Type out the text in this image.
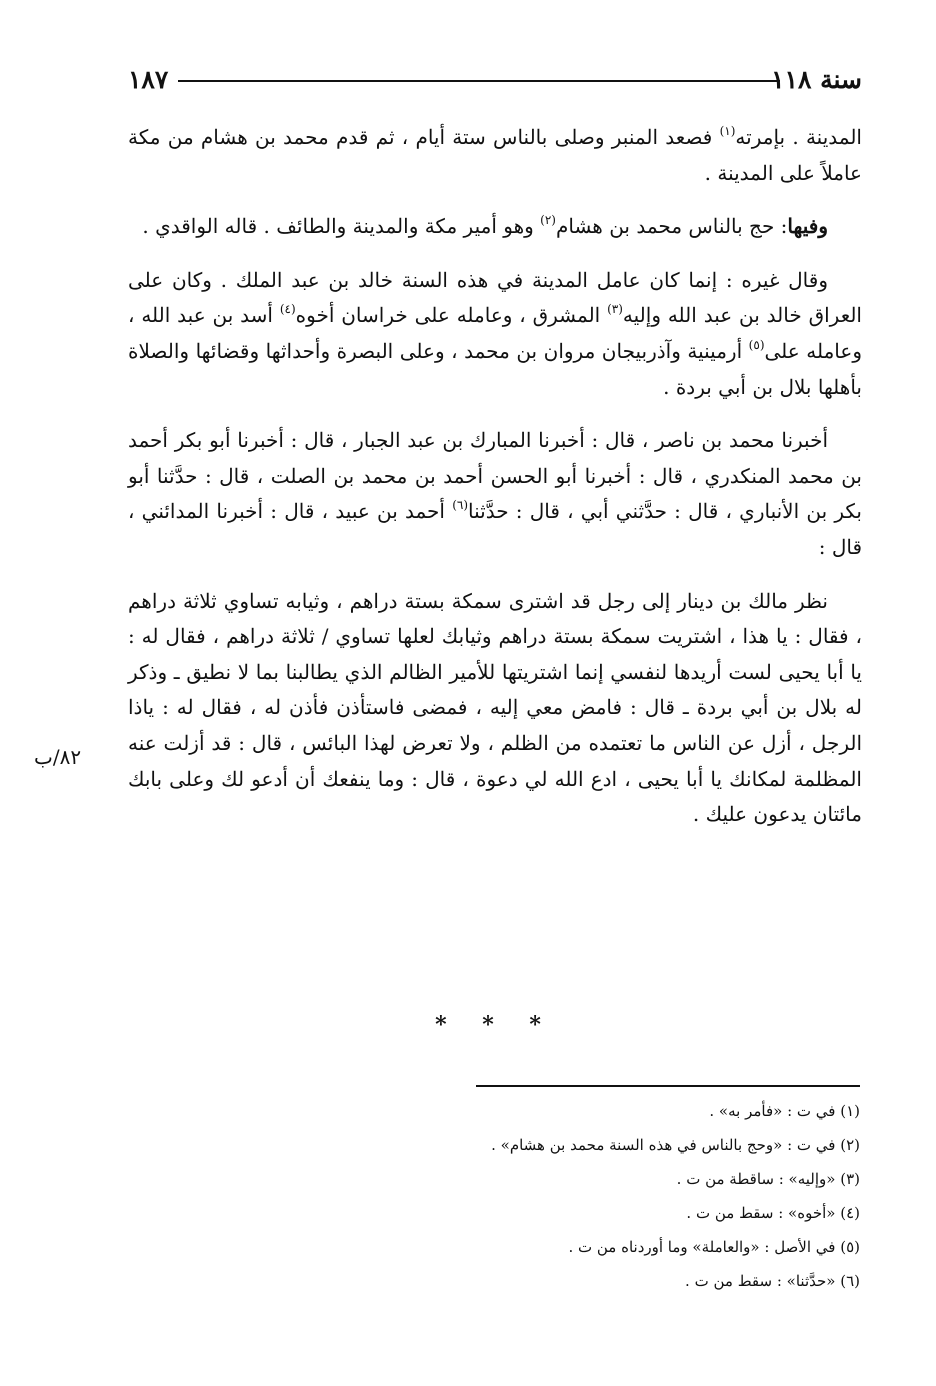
سنة ١١٨
١٨٧

المدينة . بإمرته$^{(١)}$ فصعد المنبر وصلى بالناس ستة أيام ، ثم قدم محمد بن هشام من مكة عاملاً على المدينة .

وفيها: حج بالناس محمد بن هشام$^{(٢)}$ وهو أمير مكة والمدينة والطائف . قاله الواقدي .

وقال غيره : إنما كان عامل المدينة في هذه السنة خالد بن عبد الملك . وكان على العراق خالد بن عبد الله وإليه$^{(٣)}$ المشرق ، وعامله على خراسان أخوه$^{(٤)}$ أسد بن عبد الله ، وعامله على$^{(٥)}$ أرمينية وآذربيجان مروان بن محمد ، وعلى البصرة وأحداثها وقضائها والصلاة بأهلها بلال بن أبي بردة .

أخبرنا محمد بن ناصر ، قال : أخبرنا المبارك بن عبد الجبار ، قال : أخبرنا أبو بكر أحمد بن محمد المنكدري ، قال : أخبرنا أبو الحسن أحمد بن محمد بن الصلت ، قال : حدَّثنا أبو بكر بن الأنباري ، قال : حدَّثني أبي ، قال : حدَّثنا$^{(٦)}$ أحمد بن عبيد ، قال : أخبرنا المدائني ، قال :

نظر مالك بن دينار إلى رجل قد اشترى سمكة بستة دراهم ، وثيابه تساوي ثلاثة دراهم ، فقال : يا هذا ، اشتريت سمكة بستة دراهم وثيابك لعلها تساوي / ثلاثة دراهم ، فقال له : يا أبا يحيى لست أريدها لنفسي إنما اشتريتها للأمير الظالم الذي يطالبنا بما لا نطيق ـ وذكر له بلال بن أبي بردة ـ قال : فامض معي إليه ، فمضى فاستأذن فأذن له ، فقال له : ياذا الرجل ، أزل عن الناس ما تعتمده من الظلم ، ولا تعرض لهذا البائس ، قال : قد أزلت عنه المظلمة لمكانك يا أبا يحيى ، ادع الله لي دعوة ، قال : وما ينفعك أن أدعو لك وعلى بابك مائتان يدعون عليك .

٨٢/ب
* * *
(١) في ت : «فأمر به» .
(٢) في ت : «وحج بالناس في هذه السنة محمد بن هشام» .
(٣) «وإليه» : ساقطة من ت .
(٤) «أخوه» : سقط من ت .
(٥) في الأصل : «والعاملة» وما أوردناه من ت .
(٦) «حدَّثنا» : سقط من ت .
